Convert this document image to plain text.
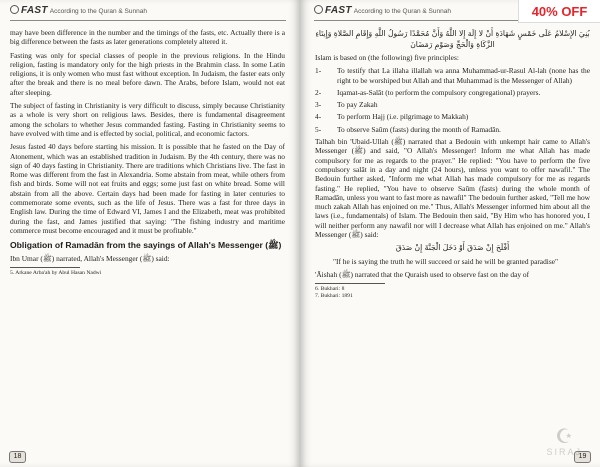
FAST According to the Quran & Sunnah

may have been difference in the number and the timings of the fasts, etc. Actually there is a big difference between the fasts as later generations completely altered it.

Fasting was only for special classes of people in the previous religions. In the Hindu religion, fasting is mandatory only for the high priests in the Brahmin class. In some Latin religions, it is only women who must fast without exception. In Judaism, the faster eats only after the break and there is no meal before dawn. The Arabs, before Islam, would not eat after sleeping.

The subject of fasting in Christianity is very difficult to discuss, simply because Christianity as a whole is very short on religious laws. Besides, there is fundamental disagreement among the scholars to whether Jesus commanded fasting. Fasting in Christianity seems to have evolved with time and is effected by social, political, and economic factors.

Jesus fasted 40 days before starting his mission. It is possible that he fasted on the Day of Atonement, which was an established tradition in Judaism. By the 4th century, there was no sign of 40 days fasting in Christianity. There are traditions which Christians live. The fast in Rome was different from the fast in Alexandria. Some abstain from meat, while others from fish and birds. Some will not eat fruits and eggs; some just fast on white bread. Some will abstain from all the above. Certain days had been made for fasting in later centuries to commemorate some events, such as the life of Jesus. There was a fast for three days in English law. During the time of Edward VI, James I and the Elizabeth, meat was prohibited during the fast, and James justified that saying: "The fishing industry and maritime commerce must become encouraged and it must be profitable."

Obligation of Ramadān from the sayings of Allah's Messenger (ﷺ)

Ibn Umar (ﷺ) narrated, Allah's Messenger (ﷺ) said:

5. Arkane Arba'ah by Abul Hasan Nadwi
18
FAST According to the Quran & Sunnah
بُنِيَ الإِسْلامُ عَلَى خَمْسٍ شَهَادَةِ أَنْ لا إِلَهَ إِلا اللَّهُ وَأَنَّ مُحَمَّدًا رَسُولُ اللَّهِ وَإِقَامِ الصَّلاةِ وَإِيتَاءِ الزَّكَاةِ وَالْحَجِّ وَصَوْمِ رَمَضَانَ

Islam is based on (the following) five principles:

1-	To testify that La illaha illallah wa anna Muhammad-ur-Rasul Al-lah (none has the right to be worshiped but Allah and that Muhammad is the Messenger of Allah)
2-	Iqamat-as-Salāt (to perform the compulsory congregational) prayers.
3-	To pay Zakah
4-	To perform Hajj (i.e. pilgrimage to Makkah)
5-	To observe Saūm (fasts) during the month of Ramadān.

Talhah bin 'Ubaid-Ullah (ﷺ) narrated that a Bedouin with unkempt hair came to Allah's Messenger (ﷺ) and said, "O Allah's Messenger! Inform me what Allah has made compulsory for me as regards to the prayer." He replied: "You have to perform the five compulsory salāt in a day and night (24 hours), unless you want to offer nawafil." The Bedouin further asked, "Inform me what Allah has made compulsory for me as regards fasting." He replied, "You have to observe Saūm (fasts) during the whole month of Ramadān, unless you want to fast more as nawafil" The bedouin further asked, "Tell me how much zakah Allah has enjoined on me." Thus, Allah's Messenger informed him about all the laws (i.e., fundamentals) of Islam. The Bedouin then said, "By Him who has honored you, I will neither perform any nawafil nor will I decrease what Allah has enjoined on me." Allah's Messenger (ﷺ) said:

أَفْلَحَ إِنْ صَدَقَ أَوْ دَخَلَ الْجَنَّةَ إِنْ صَدَقَ

"If he is saying the truth he will succeed or said he will be granted paradise"

'Āishah (ﷺ) narrated that the Quraish used to observe fast on the day of

6. Bukhari: 8
7. Bukhari: 1891
19
40% OFF
☪
SIRAJ
